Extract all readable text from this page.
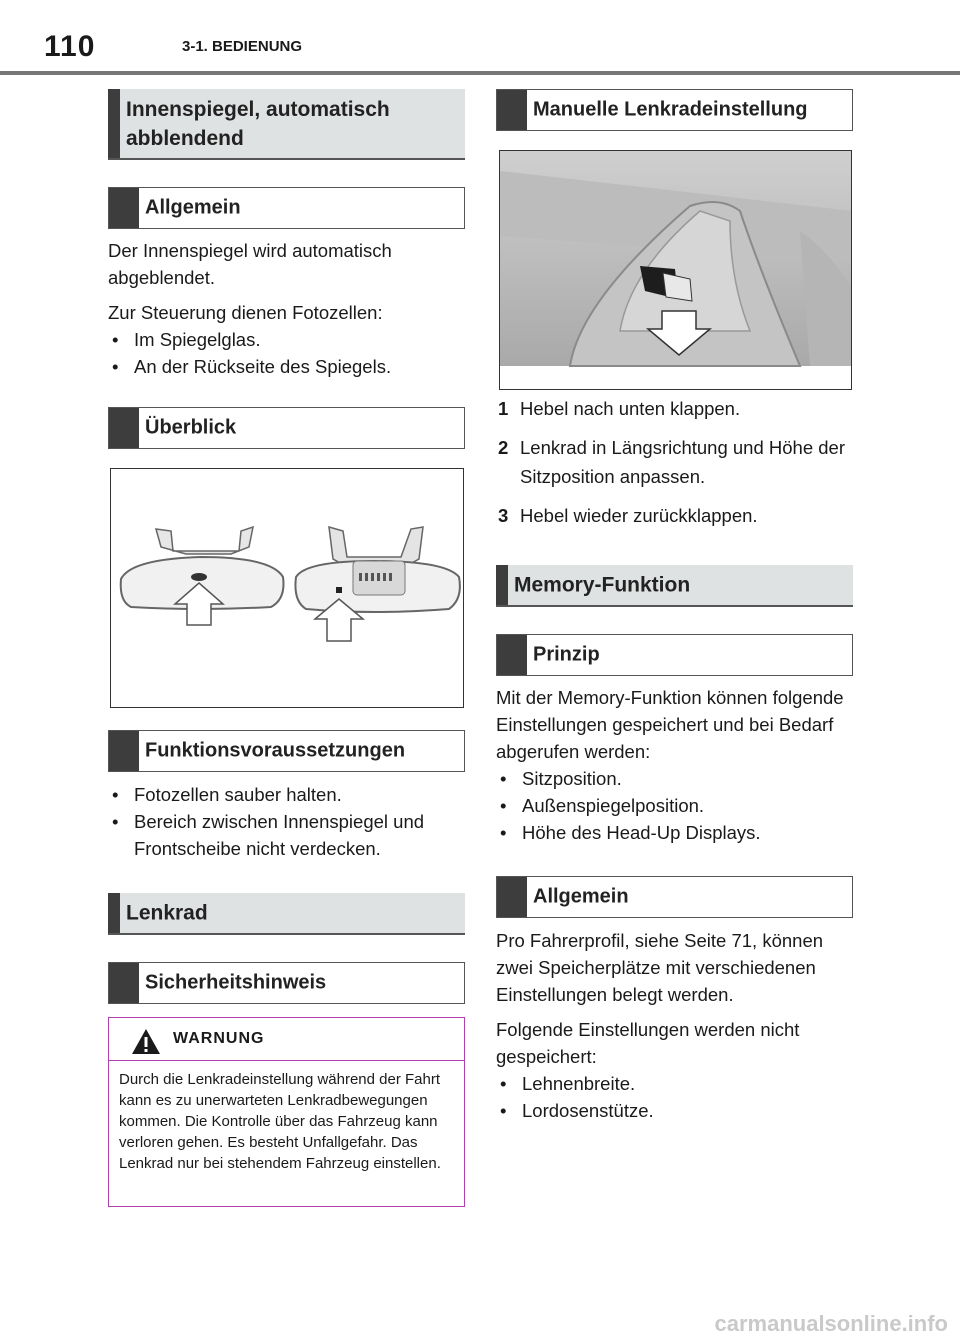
110	3-1. BEDIENUNG
Innenspiegel, automatisch
abblendend
Allgemein

Der Innenspiegel wird automatisch abgeblendet.

Zur Steuerung dienen Fotozellen:

• Im Spiegelglas.
• An der Rückseite des Spiegels.
Überblick
Funktionsvoraussetzungen
• Fotozellen sauber halten.
• Bereich zwischen Innenspiegel und Frontscheibe nicht verdecken.
Lenkrad
Sicherheitshinweis
WARNUNG
Durch die Lenkradeinstellung während der Fahrt kann es zu unerwarteten Lenkradbewegungen kommen. Die Kontrolle über das Fahrzeug kann verloren gehen. Es besteht Unfallgefahr. Das Lenkrad nur bei stehendem Fahrzeug einstellen.
Manuelle Lenkradeinstellung
1 Hebel nach unten klappen.
2 Lenkrad in Längsrichtung und Höhe der Sitzposition anpassen.
3 Hebel wieder zurückklappen.
Memory-Funktion
Prinzip

Mit der Memory-Funktion können folgende Einstellungen gespeichert und bei Bedarf abgerufen werden:

• Sitzposition.
• Außenspiegelposition.
• Höhe des Head-Up Displays.
Allgemein

Pro Fahrerprofil, siehe Seite 71, können zwei Speicherplätze mit verschiedenen Einstellungen belegt werden.

Folgende Einstellungen werden nicht gespeichert:

• Lehnenbreite.
• Lordosenstütze.
carmanualsonline.info
